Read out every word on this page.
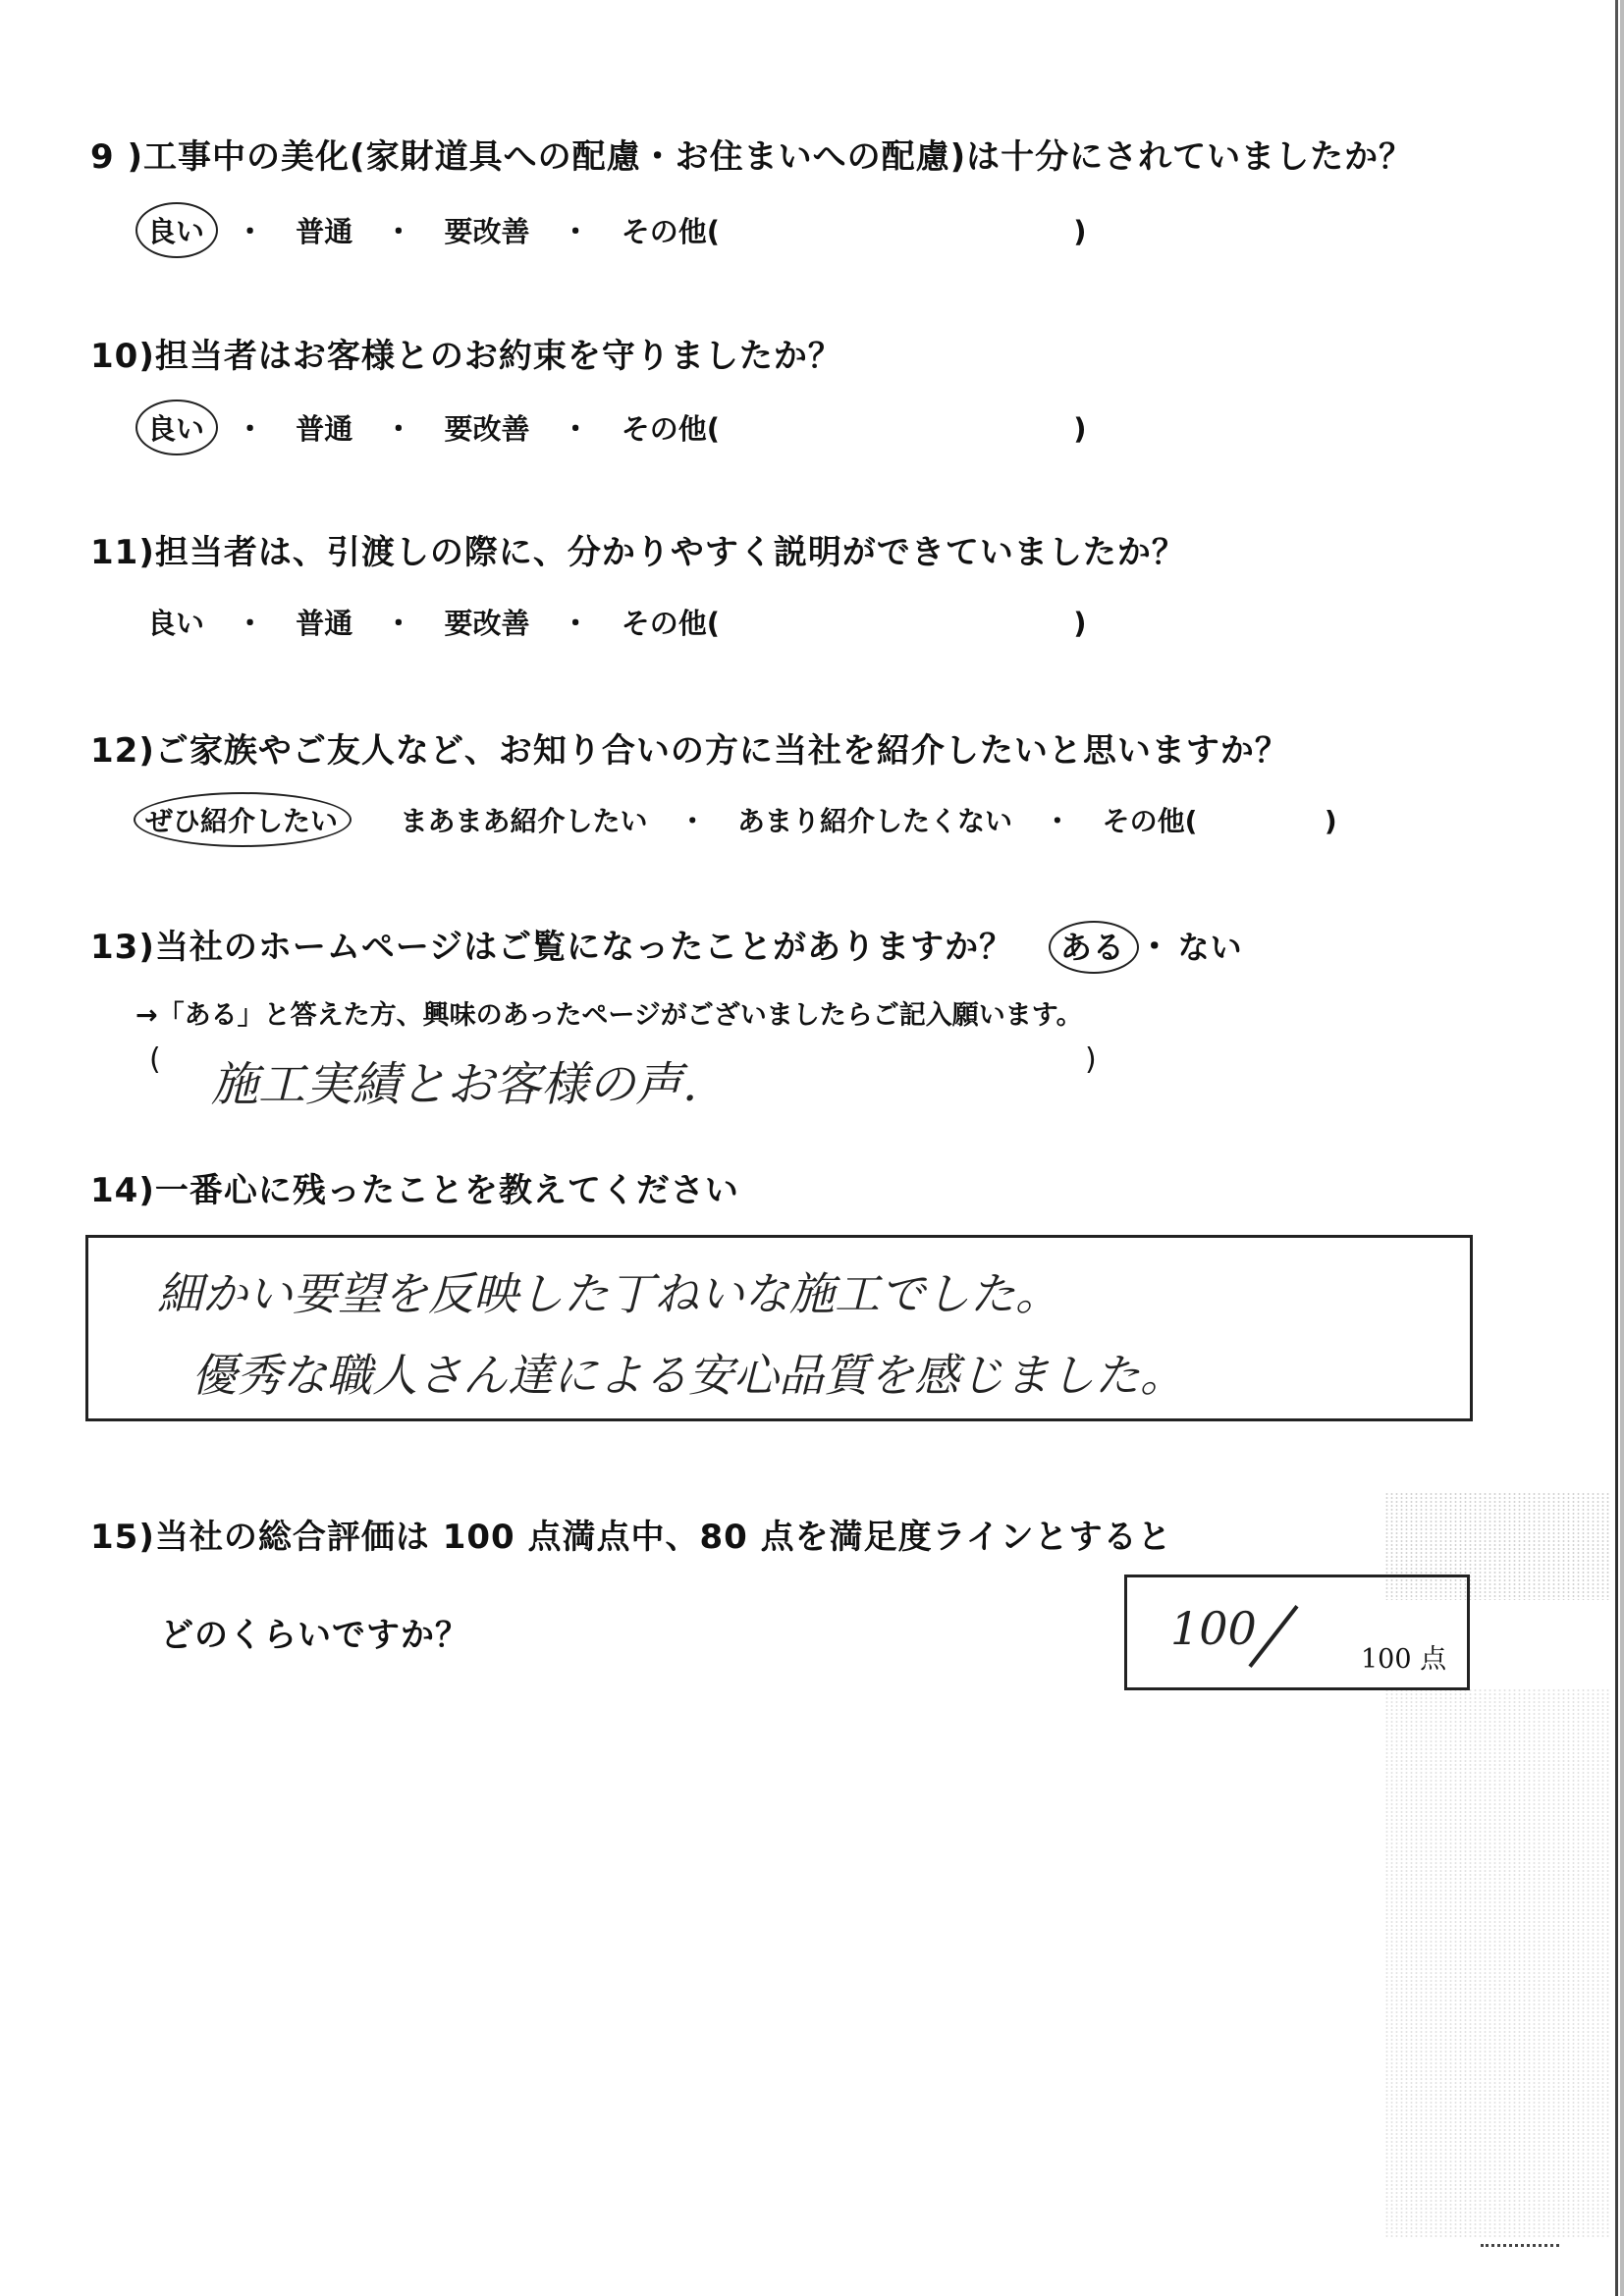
9 )工事中の美化(家財道具への配慮・お住まいへの配慮)は十分にされていましたか？
良い ・ 普通 ・ 要改善 ・ その他(	)
10)担当者はお客様とのお約束を守りましたか？
良い ・ 普通 ・ 要改善 ・ その他(	)
11)担当者は、引渡しの際に、分かりやすく説明ができていましたか？
良い ・ 普通 ・ 要改善 ・ その他(	)
12)ご家族やご友人など、お知り合いの方に当社を紹介したいと思いますか？
ぜひ紹介したい まあまあ紹介したい ・ あまり紹介したくない ・ その他(	)
13)当社のホームページはご覧になったことがありますか？ ある ・ ない
→「ある」と答えた方、興味のあったページがございましたらご記入願います。
( 施工実績とお客様の声.	)
14)一番心に残ったことを教えてください
細かい要望を反映した丁ねいな施工でした。
優秀な職人さん達による安心品質を感じました。
15)当社の総合評価は 100 点満点中、80 点を満足度ラインとすると
どのくらいですか？	100
100 点
